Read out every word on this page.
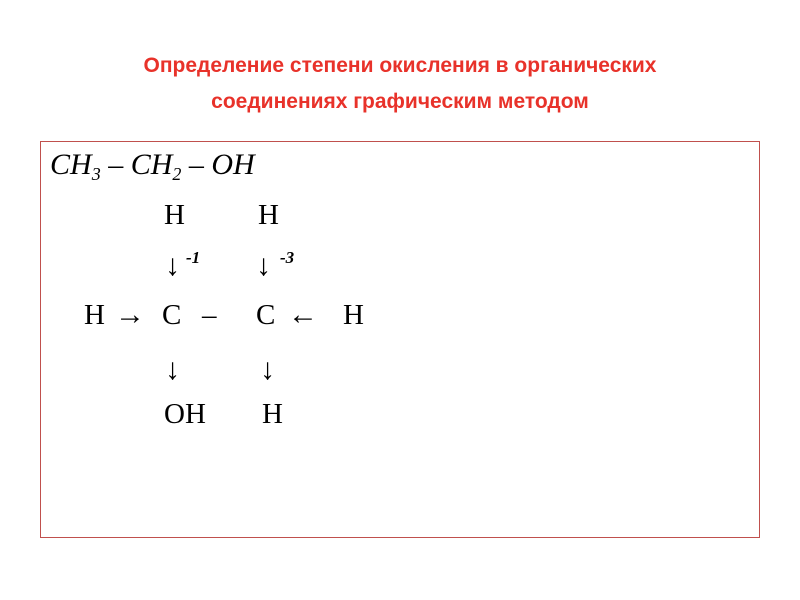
Определение степени окисления в органических
соединениях графическим методом
$CH_3 - CH_2$ – OH
H	H
↓ -1 ↓ -3
H → C – C ← H
↓	↓
OH H
